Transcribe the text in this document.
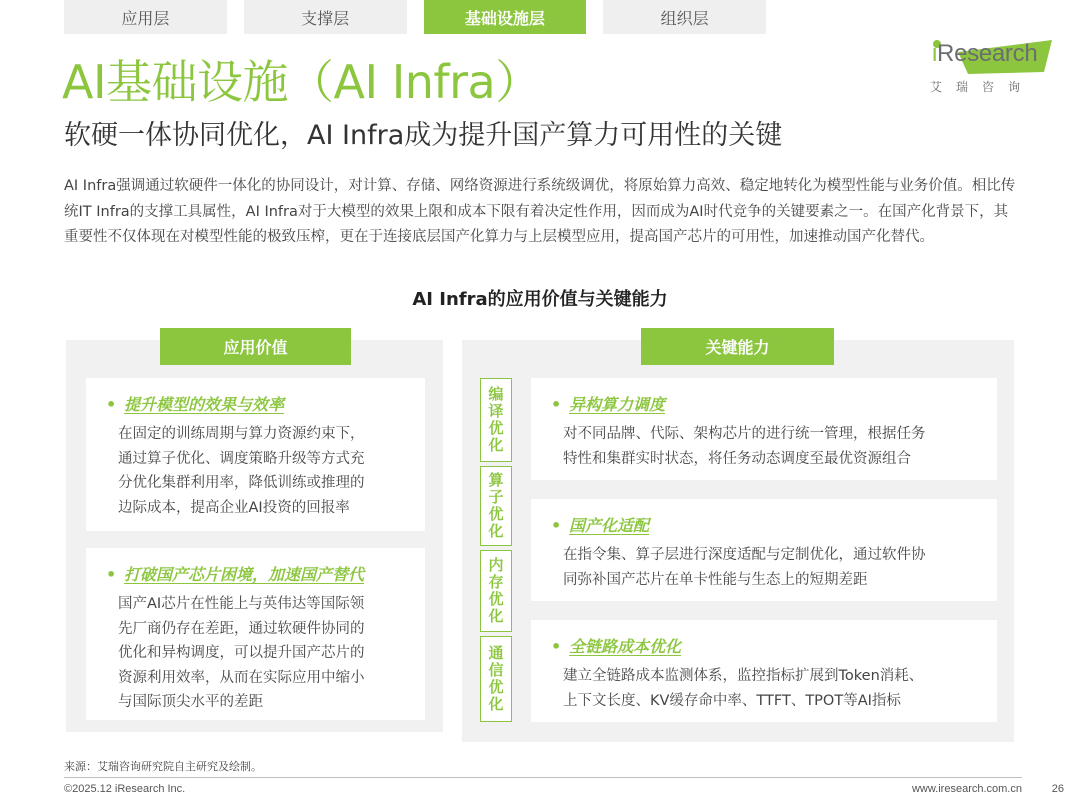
应用层	支撑层	基础设施层	组织层
iResearch
艾瑞咨询
AI基础设施（AI Infra）
软硬一体协同优化，AI Infra成为提升国产算力可用性的关键

AI Infra强调通过软硬件一体化的协同设计，对计算、存储、网络资源进行系统级调优，将原始算力高效、稳定地转化为模型性能与业务价值。相比传统IT Infra的支撑工具属性，AI Infra对于大模型的效果上限和成本下限有着决定性作用，因而成为AI时代竞争的关键要素之一。在国产化背景下，其重要性不仅体现在对模型性能的极致压榨，更在于连接底层国产化算力与上层模型应用，提高国产芯片的可用性，加速推动国产化替代。

AI Infra的应用价值与关键能力
应用价值
• 提升模型的效果与效率
在固定的训练周期与算力资源约束下，
通过算子优化、调度策略升级等方式充
分优化集群利用率，降低训练或推理的
边际成本，提高企业AI投资的回报率
• 打破国产芯片困境，加速国产替代
国产AI芯片在性能上与英伟达等国际领
先厂商仍存在差距，通过软硬件协同的
优化和异构调度，可以提升国产芯片的
资源利用效率，从而在实际应用中缩小
与国际顶尖水平的差距
关键能力
编
译
优
化
算
子
优
化
内
存
优
化
通
信
优
化
• 异构算力调度
对不同品牌、代际、架构芯片的进行统一管理，根据任务
特性和集群实时状态，将任务动态调度至最优资源组合
• 国产化适配
在指令集、算子层进行深度适配与定制优化，通过软件协
同弥补国产芯片在单卡性能与生态上的短期差距
• 全链路成本优化
建立全链路成本监测体系，监控指标扩展到Token消耗、
上下文长度、KV缓存命中率、TTFT、TPOT等AI指标
来源：艾瑞咨询研究院自主研究及绘制。
©2025.12 iResearch Inc.	www.iresearch.com.cn	26
